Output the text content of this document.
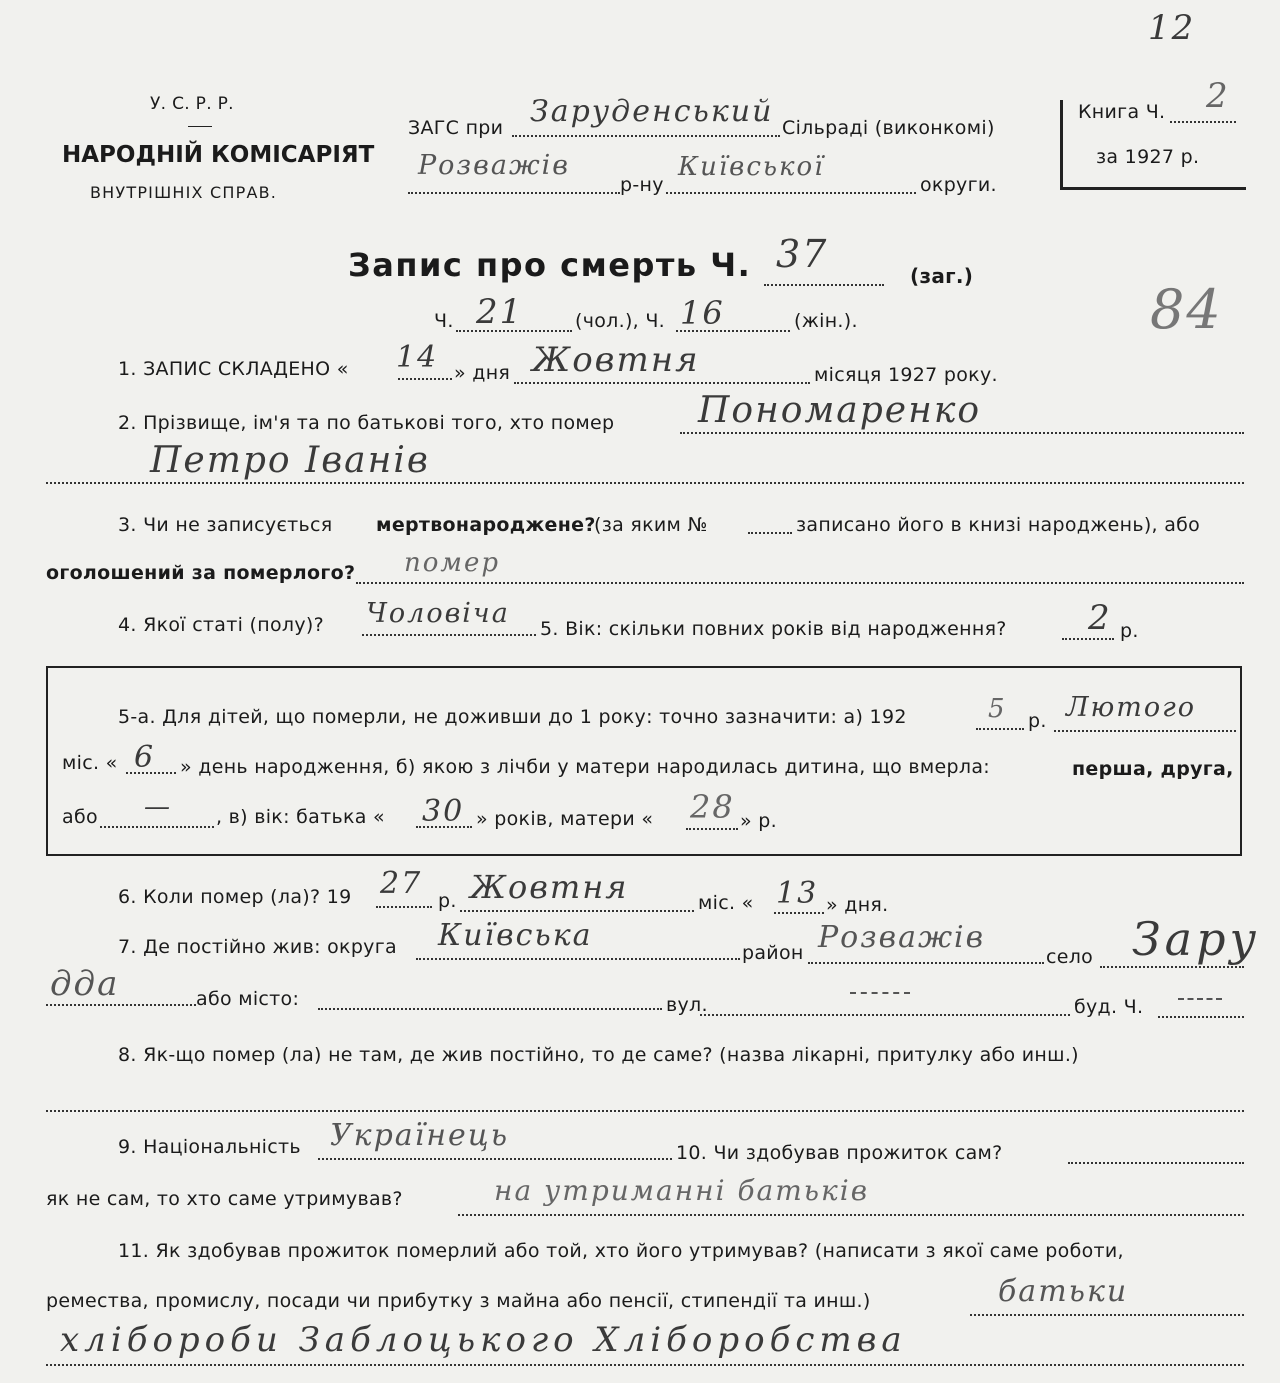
12
84
У. С. Р. Р.
НАРОДНІЙ КОМІСАРІЯТ
ВНУТРІШНІХ СПРАВ.
ЗАГС при Заруденський Сільраді (виконкомі)
Розважів
р-ну
Київської
округи.
Книга Ч. 2
за 1927 р.
Запис про смерть Ч. 37	(заг.)
Ч. 21	(чол.), Ч. 16	(жін.).
1. ЗАПИС СКЛАДЕНО « 14 » дня Жовтня	місяця 1927 року.
2. Прізвище, ім'я та по батькові того, хто помер Пономаренко
Петро Іванів
3. Чи не записується мертвонароджене?
(за яким №	записано його в книзі народжень), або
оголошений за померлого? помер
4. Якої статі (полу)? Чоловіча 5. Вік: скільки повних років від народження? 2 р.
5-а. Для дітей, що померли, не доживши до 1 року: точно зазначити: а) 192	5 р. Лютого
міс. « 6 » день народження, б) якою з лічби у матери народилась дитина, що вмерла:	перша, друга,
або — , в) вік: батька « 30 » років, матери « 28 » р.
6. Коли помер (ла)? 19 27 р. Жовтня	міс. « 13 » дня.
7. Де постійно жив: округа Київська	район Розважів
село Зару
дда	або місто:	вул.	буд. Ч.
8. Як-що помер (ла) не там, де жив постійно, то де саме? (назва лікарні, притулку або инш.)
9. Національність Українець	10. Чи здобував прожиток сам?
як не сам, то хто саме утримував?	на утриманні батьків
11. Як здобував прожиток померлий або той, хто його утримував? (написати з якої саме роботи,
ремества, промислу, посади чи прибутку з майна або пенсії, стипендії та инш.)	батьки
хлібороби Заблоцького Хліборобства
